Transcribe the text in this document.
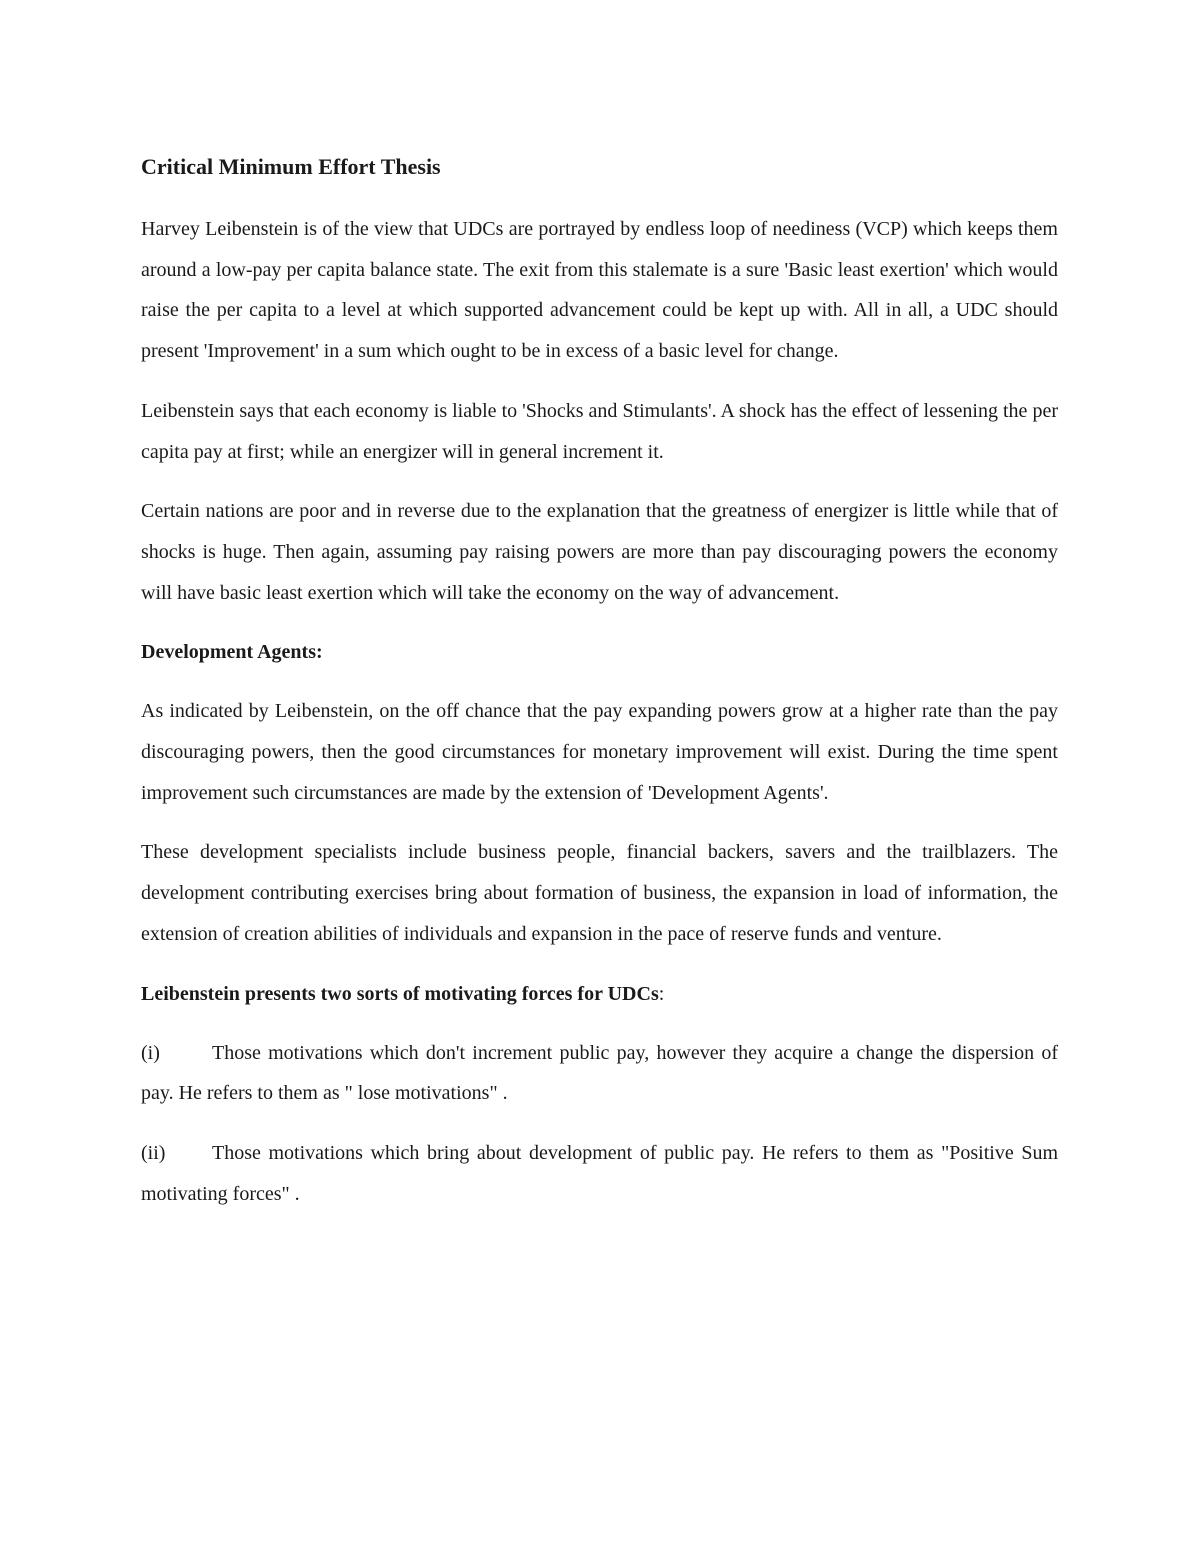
Critical Minimum Effort Thesis

Harvey Leibenstein is of the view that UDCs are portrayed by endless loop of neediness (VCP) which keeps them around a low-pay per capita balance state. The exit from this stalemate is a sure 'Basic least exertion' which would raise the per capita to a level at which supported advancement could be kept up with. All in all, a UDC should present 'Improvement' in a sum which ought to be in excess of a basic level for change.

Leibenstein says that each economy is liable to 'Shocks and Stimulants'. A shock has the effect of lessening the per capita pay at first; while an energizer will in general increment it.

Certain nations are poor and in reverse due to the explanation that the greatness of energizer is little while that of shocks is huge. Then again, assuming pay raising powers are more than pay discouraging powers the economy will have basic least exertion which will take the economy on the way of advancement.

Development Agents:

As indicated by Leibenstein, on the off chance that the pay expanding powers grow at a higher rate than the pay discouraging powers, then the good circumstances for monetary improvement will exist. During the time spent improvement such circumstances are made by the extension of 'Development Agents'.

These development specialists include business people, financial backers, savers and the trailblazers. The development contributing exercises bring about formation of business, the expansion in load of information, the extension of creation abilities of individuals and expansion in the pace of reserve funds and venture.

Leibenstein presents two sorts of motivating forces for UDCs:

(i)	Those motivations which don't increment public pay, however they acquire a change the dispersion of pay. He refers to them as " lose motivations" .

(ii) Those motivations which bring about development of public pay. He refers to them as "Positive Sum motivating forces" .
